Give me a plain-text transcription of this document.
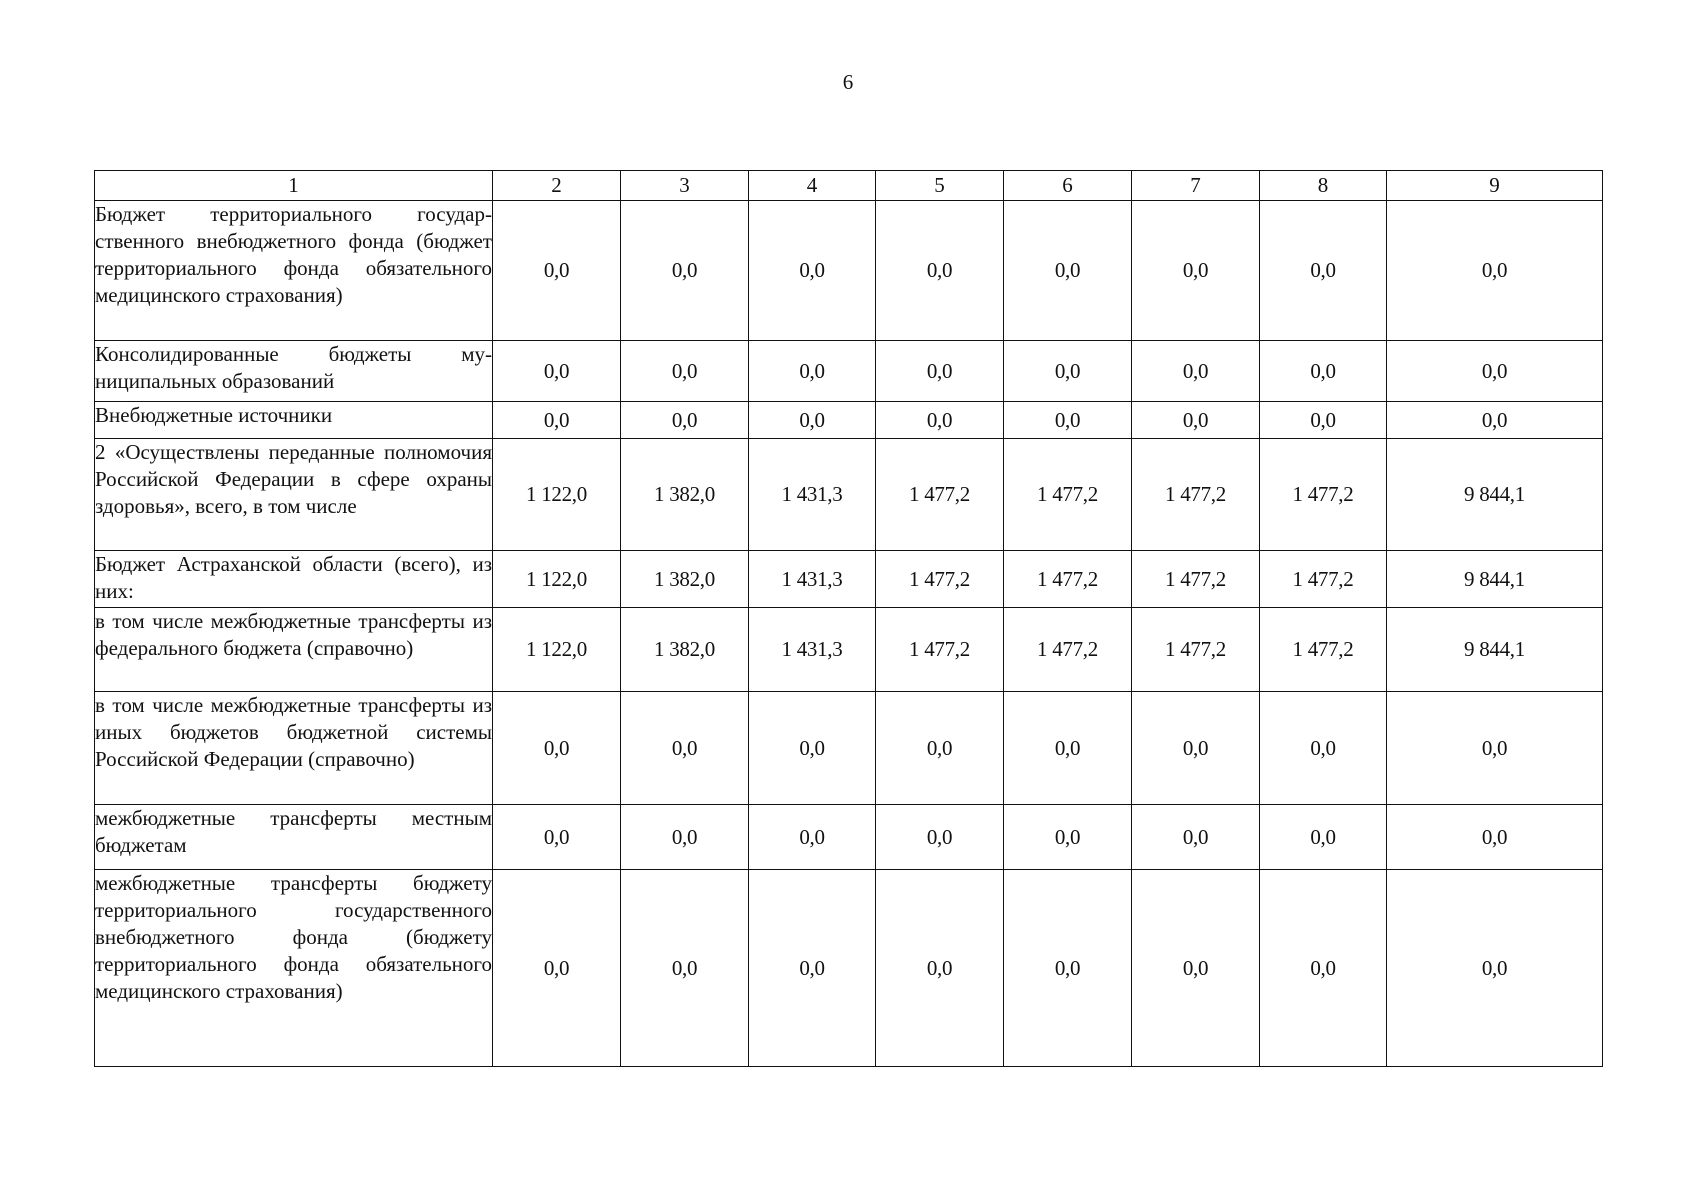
6
1	2	3	4	5	6	7	8	9
Бюджет территориального государственного внебюджетного фонда (бюджет территориального фонда обязательного медицинского страхования)	0,0	0,0	0,0	0,0	0,0	0,0	0,0	0,0
Консолидированные бюджеты муниципальных образований	0,0	0,0	0,0	0,0	0,0	0,0	0,0	0,0
Внебюджетные источники	0,0	0,0	0,0	0,0	0,0	0,0	0,0	0,0
2 «Осуществлены переданные полномочия Российской Федерации в сфере охраны здоровья», всего, в том числе	1 122,0	1 382,0	1 431,3	1 477,2	1 477,2	1 477,2	1 477,2	9 844,1
Бюджет Астраханской области (всего), из них:	1 122,0	1 382,0	1 431,3	1 477,2	1 477,2	1 477,2	1 477,2	9 844,1
в том числе межбюджетные трансферты из федерального бюджета (справочно)	1 122,0	1 382,0	1 431,3	1 477,2	1 477,2	1 477,2	1 477,2	9 844,1
в том числе межбюджетные трансферты из иных бюджетов бюджетной системы Российской Федерации (справочно)	0,0	0,0	0,0	0,0	0,0	0,0	0,0	0,0
межбюджетные трансферты местным бюджетам	0,0	0,0	0,0	0,0	0,0	0,0	0,0	0,0
межбюджетные трансферты бюджету территориального государственного внебюджетного фонда (бюджету территориального фонда обязательного медицинского страхования)	0,0	0,0	0,0	0,0	0,0	0,0	0,0	0,0
